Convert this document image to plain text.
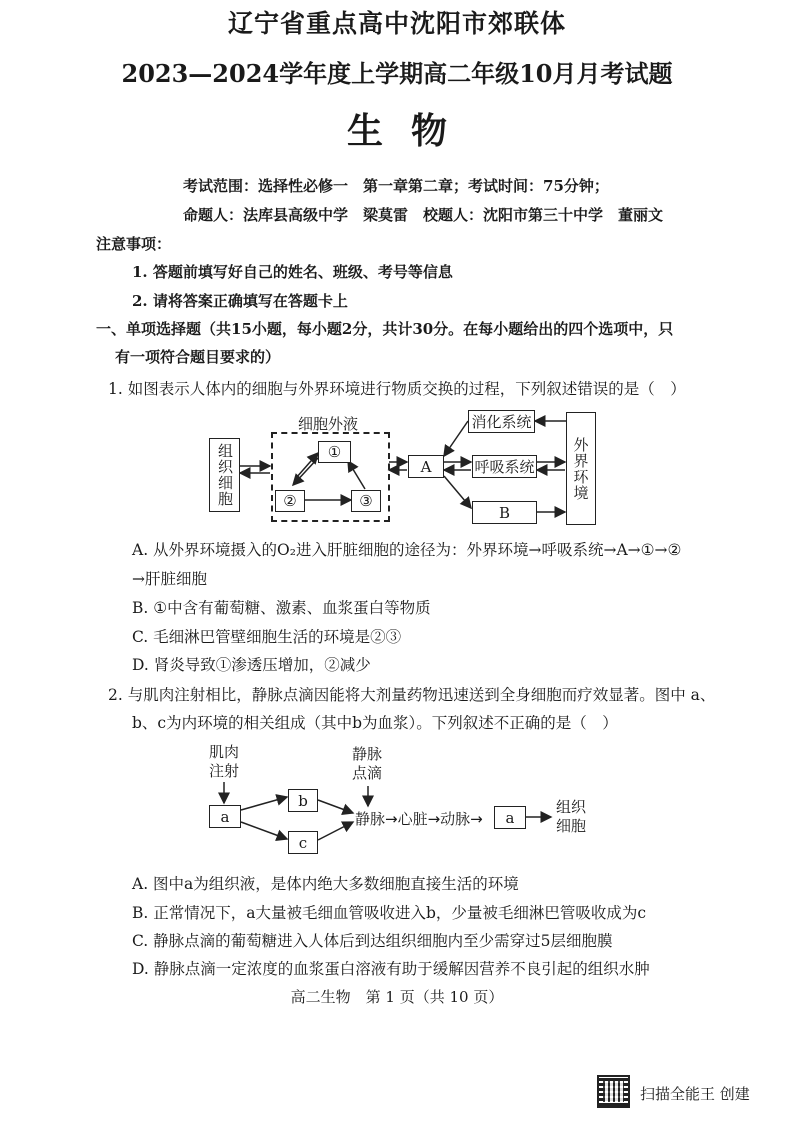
辽宁省重点高中沈阳市郊联体
2023—2024学年度上学期高二年级10月月考试题
生物
考试范围：选择性必修一　第一章第二章；考试时间：75分钟；
命题人：法库县高级中学　梁莫雷　校题人：沈阳市第三十中学　董丽文
注意事项：
1. 答题前填写好自己的姓名、班级、考号等信息
2. 请将答案正确填写在答题卡上
一、单项选择题（共15小题，每小题2分，共计30分。在每小题给出的四个选项中，只
有一项符合题目要求的）
1. 如图表示人体内的细胞与外界环境进行物质交换的过程，下列叙述错误的是（　）
组织细胞
细胞外液
①
②	③
A
消化系统
呼吸系统
B
外界环境
A. 从外界环境摄入的O₂进入肝脏细胞的途径为：外界环境→呼吸系统→A→①→②
→肝脏细胞
B. ①中含有葡萄糖、激素、血浆蛋白等物质
C. 毛细淋巴管壁细胞生活的环境是②③
D. 肾炎导致①渗透压增加，②减少
2. 与肌肉注射相比，静脉点滴因能将大剂量药物迅速送到全身细胞而疗效显著。图中 a、
b、c为内环境的相关组成（其中b为血浆）。下列叙述不正确的是（　）
肌肉注射
静脉点滴
a
b
c
静脉→心脏→动脉→ a
组织细胞
A. 图中a为组织液，是体内绝大多数细胞直接生活的环境
B. 正常情况下，a大量被毛细血管吸收进入b，少量被毛细淋巴管吸收成为c
C. 静脉点滴的葡萄糖进入人体后到达组织细胞内至少需穿过5层细胞膜
D. 静脉点滴一定浓度的血浆蛋白溶液有助于缓解因营养不良引起的组织水肿
高二生物　第 1 页（共 10 页）
扫描全能王 创建
